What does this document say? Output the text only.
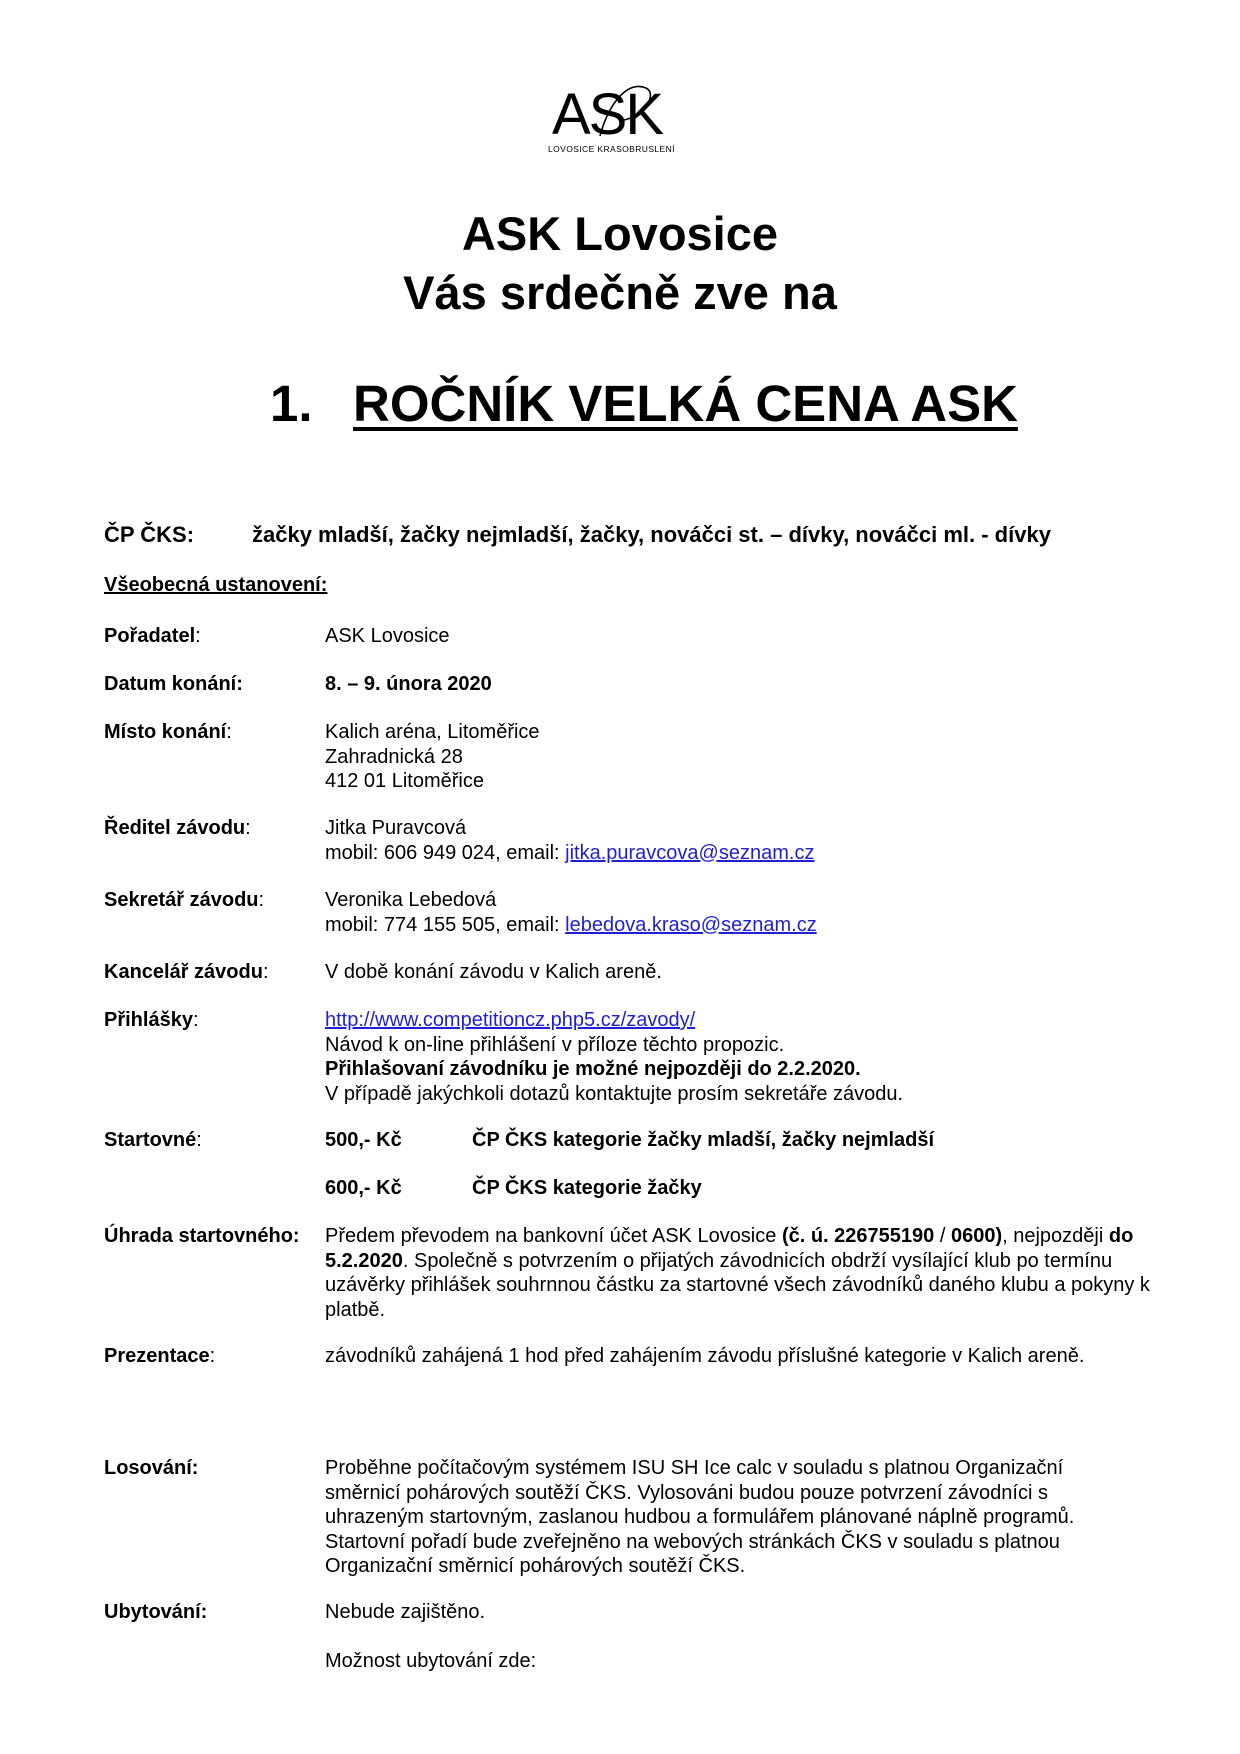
ASK
LOVOSICE KRASOBRUSLENÍ
ASK Lovosice
Vás srdečně zve na
1. ROČNÍK VELKÁ CENA ASK
ČP ČKS:	žačky mladší, žačky nejmladší, žačky, nováčci st. – dívky, nováčci ml. - dívky
Všeobecná ustanovení:
Pořadatel:	ASK Lovosice
Datum konání:	8. – 9. února 2020
Místo konání:	Kalich aréna, Litoměřice
Zahradnická 28
412 01 Litoměřice
Ředitel závodu:	Jitka Puravcová
mobil: 606 949 024, email: jitka.puravcova@seznam.cz
Sekretář závodu:	Veronika Lebedová
mobil: 774 155 505, email: lebedova.kraso@seznam.cz
Kancelář závodu:	V době konání závodu v Kalich areně.
Přihlášky:	http://www.competitioncz.php5.cz/zavody/
Návod k on-line přihlášení v příloze těchto propozic.
Přihlašovaní závodníku je možné nejpozději do 2.2.2020.
V případě jakýchkoli dotazů kontaktujte prosím sekretáře závodu.
Startovné:	500,- Kč	ČP ČKS kategorie žačky mladší, žačky nejmladší
600,- Kč	ČP ČKS kategorie žačky
Úhrada startovného: Předem převodem na bankovní účet ASK Lovosice (č. ú. 226755190 / 0600), nejpozději do 5.2.2020. Společně s potvrzením o přijatých závodnicích obdrží vysílající klub po termínu uzávěrky přihlášek souhrnnou částku za startovné všech závodníků daného klubu a pokyny k platbě.
Prezentace:	závodníků zahájená 1 hod před zahájením závodu příslušné kategorie v Kalich areně.
Losování:	Proběhne počítačovým systémem ISU SH Ice calc v souladu s platnou Organizační směrnicí pohárových soutěží ČKS. Vylosováni budou pouze potvrzení závodníci s uhrazeným startovným, zaslanou hudbou a formulářem plánované náplně programů. Startovní pořadí bude zveřejněno na webových stránkách ČKS v souladu s platnou Organizační směrnicí pohárových soutěží ČKS.
Ubytování:	Nebude zajištěno.
Možnost ubytování zde:
